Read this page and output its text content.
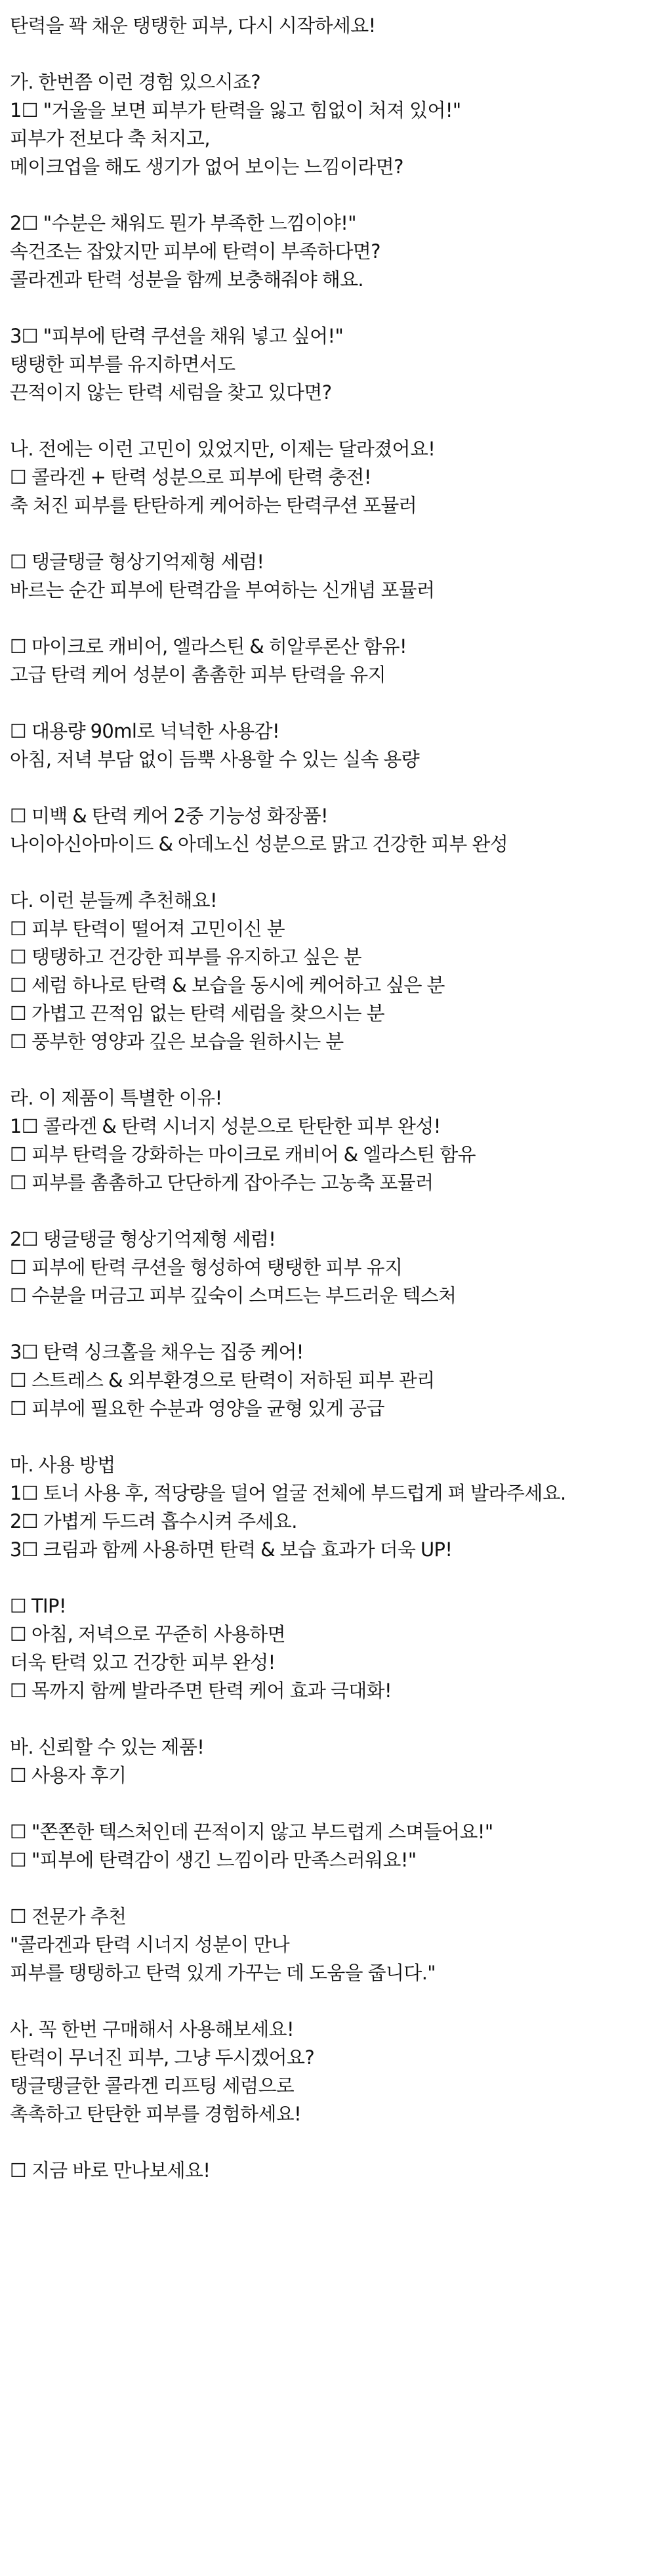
탄력을 꽉 채운 탱탱한 피부, 다시 시작하세요!
가. 한번쯤 이런 경험 있으시죠?
1☐ "거울을 보면 피부가 탄력을 잃고 힘없이 처져 있어!"
피부가 전보다 축 처지고,
메이크업을 해도 생기가 없어 보이는 느낌이라면?
2☐ "수분은 채워도 뭔가 부족한 느낌이야!"
속건조는 잡았지만 피부에 탄력이 부족하다면?
콜라겐과 탄력 성분을 함께 보충해줘야 해요.
3☐ "피부에 탄력 쿠션을 채워 넣고 싶어!"
탱탱한 피부를 유지하면서도
끈적이지 않는 탄력 세럼을 찾고 있다면?
나. 전에는 이런 고민이 있었지만, 이제는 달라졌어요!
☐ 콜라겐 + 탄력 성분으로 피부에 탄력 충전!
축 처진 피부를 탄탄하게 케어하는 탄력쿠션 포뮬러
☐ 탱글탱글 형상기억제형 세럼!
바르는 순간 피부에 탄력감을 부여하는 신개념 포뮬러
☐ 마이크로 캐비어, 엘라스틴 & 히알루론산 함유!
고급 탄력 케어 성분이 촘촘한 피부 탄력을 유지
☐ 대용량 90ml로 넉넉한 사용감!
아침, 저녁 부담 없이 듬뿍 사용할 수 있는 실속 용량
☐ 미백 & 탄력 케어 2중 기능성 화장품!
나이아신아마이드 & 아데노신 성분으로 맑고 건강한 피부 완성
다. 이런 분들께 추천해요!
☐ 피부 탄력이 떨어져 고민이신 분
☐ 탱탱하고 건강한 피부를 유지하고 싶은 분
☐ 세럼 하나로 탄력 & 보습을 동시에 케어하고 싶은 분
☐ 가볍고 끈적임 없는 탄력 세럼을 찾으시는 분
☐ 풍부한 영양과 깊은 보습을 원하시는 분
라. 이 제품이 특별한 이유!
1☐ 콜라겐 & 탄력 시너지 성분으로 탄탄한 피부 완성!
☐ 피부 탄력을 강화하는 마이크로 캐비어 & 엘라스틴 함유
☐ 피부를 촘촘하고 단단하게 잡아주는 고농축 포뮬러
2☐ 탱글탱글 형상기억제형 세럼!
☐ 피부에 탄력 쿠션을 형성하여 탱탱한 피부 유지
☐ 수분을 머금고 피부 깊숙이 스며드는 부드러운 텍스처
3☐ 탄력 싱크홀을 채우는 집중 케어!
☐ 스트레스 & 외부환경으로 탄력이 저하된 피부 관리
☐ 피부에 필요한 수분과 영양을 균형 있게 공급
마. 사용 방법
1☐ 토너 사용 후, 적당량을 덜어 얼굴 전체에 부드럽게 펴 발라주세요.
2☐ 가볍게 두드려 흡수시켜 주세요.
3☐ 크림과 함께 사용하면 탄력 & 보습 효과가 더욱 UP!
☐ TIP!
☐ 아침, 저녁으로 꾸준히 사용하면
더욱 탄력 있고 건강한 피부 완성!
☐ 목까지 함께 발라주면 탄력 케어 효과 극대화!
바. 신뢰할 수 있는 제품!
☐ 사용자 후기
☐ "쫀쫀한 텍스처인데 끈적이지 않고 부드럽게 스며들어요!"
☐ "피부에 탄력감이 생긴 느낌이라 만족스러워요!"
☐ 전문가 추천
"콜라겐과 탄력 시너지 성분이 만나
피부를 탱탱하고 탄력 있게 가꾸는 데 도움을 줍니다."
사. 꼭 한번 구매해서 사용해보세요!
탄력이 무너진 피부, 그냥 두시겠어요?
탱글탱글한 콜라겐 리프팅 세럼으로
촉촉하고 탄탄한 피부를 경험하세요!
☐ 지금 바로 만나보세요!
